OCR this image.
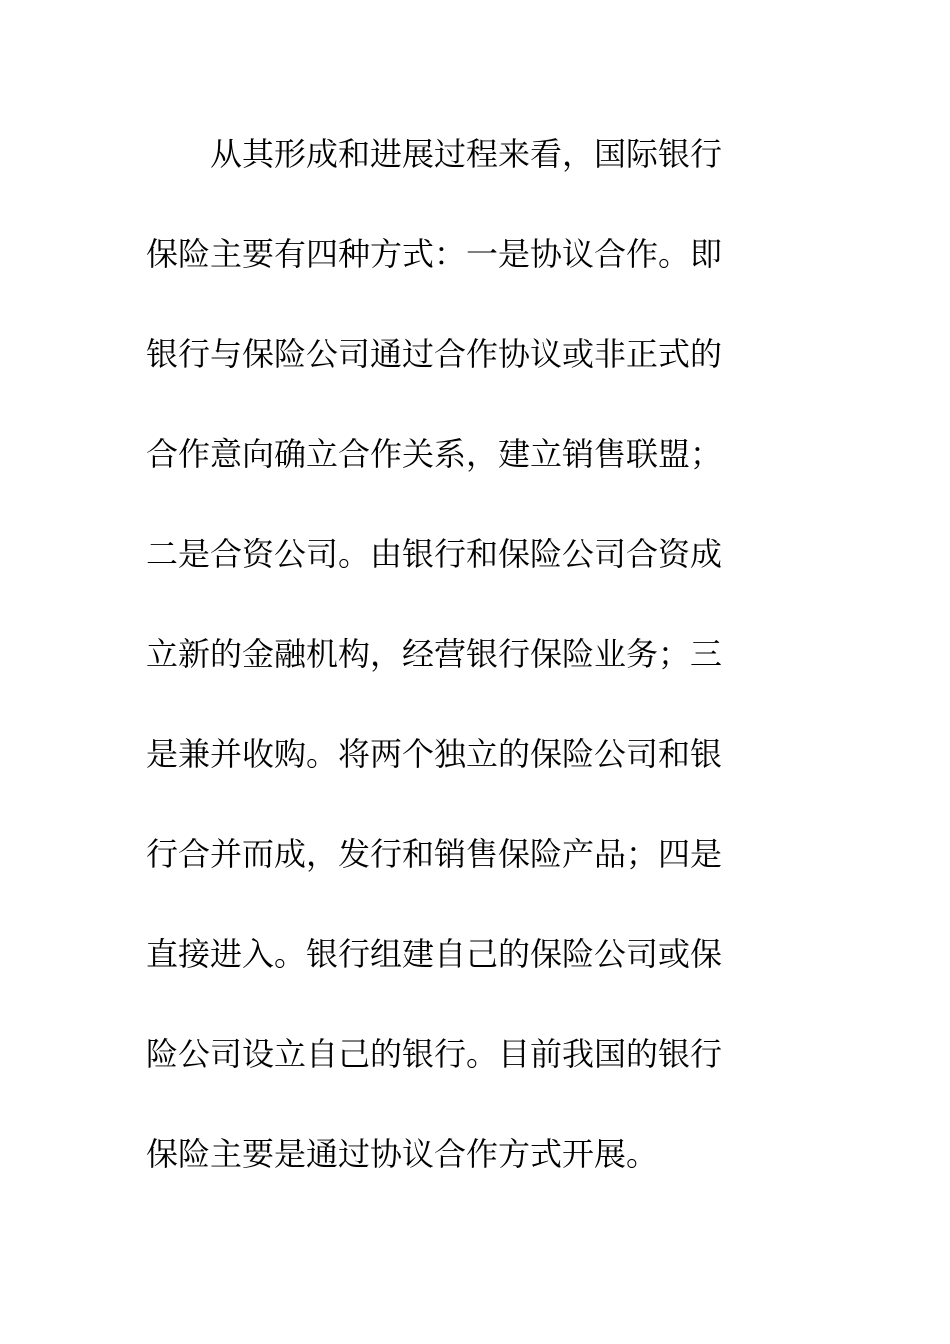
从其形成和进展过程来看，国际银行
保险主要有四种方式：一是协议合作。即
银行与保险公司通过合作协议或非正式的
合作意向确立合作关系，建立销售联盟；
二是合资公司。由银行和保险公司合资成
立新的金融机构，经营银行保险业务；三
是兼并收购。将两个独立的保险公司和银
行合并而成，发行和销售保险产品；四是
直接进入。银行组建自己的保险公司或保
险公司设立自己的银行。目前我国的银行
保险主要是通过协议合作方式开展。
